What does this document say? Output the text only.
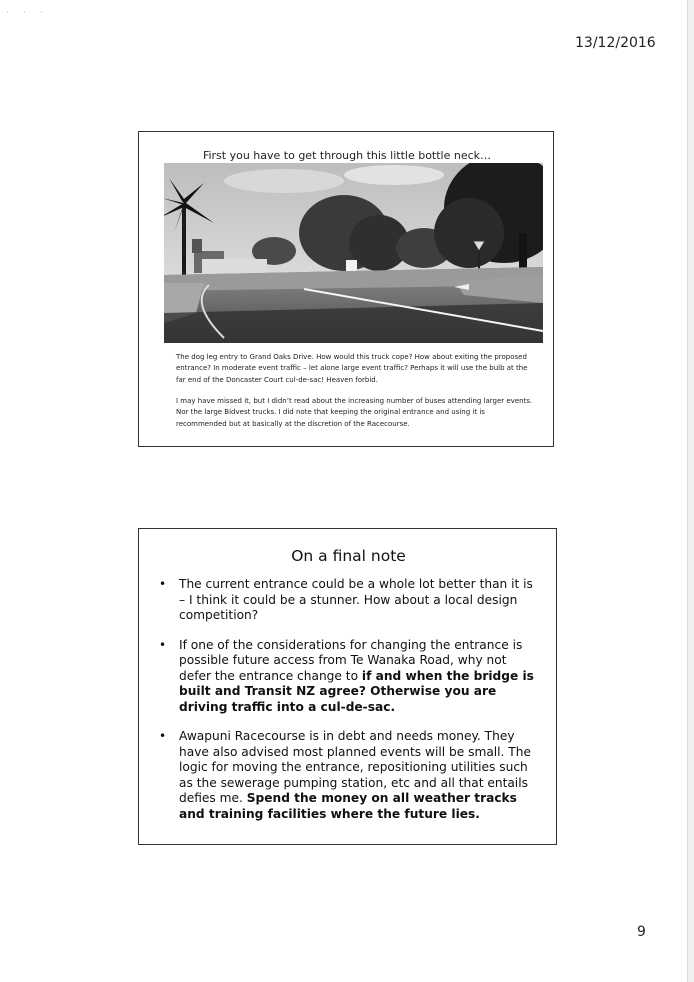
· ‧ ·
13/12/2016
First you have to get through this little bottle neck…
The dog leg entry to Grand Oaks Drive. How would this truck cope? How about exiting the proposed entrance? In moderate event traffic – let alone large event traffic? Perhaps it will use the bulb at the far end of the Doncaster Court cul-de-sac! Heaven forbid.
I may have missed it, but I didn’t read about the increasing number of buses attending larger events. Nor the large Bidvest trucks. I did note that keeping the original entrance and using it is recommended but at basically at the discretion of the Racecourse.
On a final note
• The current entrance could be a whole lot better than it is – I think it could be a stunner. How about a local design competition?
• If one of the considerations for changing the entrance is possible future access from Te Wanaka Road, why not defer the entrance change to if and when the bridge is built and Transit NZ agree? Otherwise you are driving traffic into a cul-de-sac.
• Awapuni Racecourse is in debt and needs money. They have also advised most planned events will be small. The logic for moving the entrance, repositioning utilities such as the sewerage pumping station, etc and all that entails defies me. Spend the money on all weather tracks and training facilities where the future lies.
9
